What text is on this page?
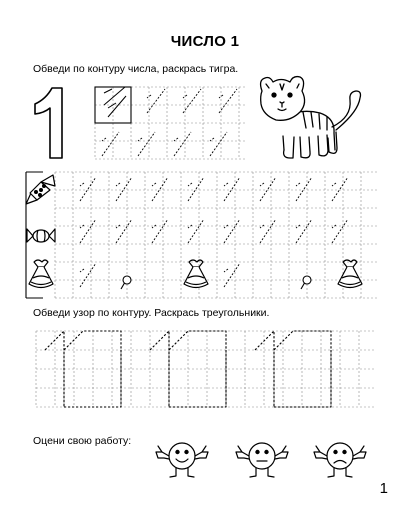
ЧИСЛО 1
Обведи по контуру числа, раскрась тигра.
Обведи узор по контуру. Раскрась треугольники.
Оцени свою работу:
1
